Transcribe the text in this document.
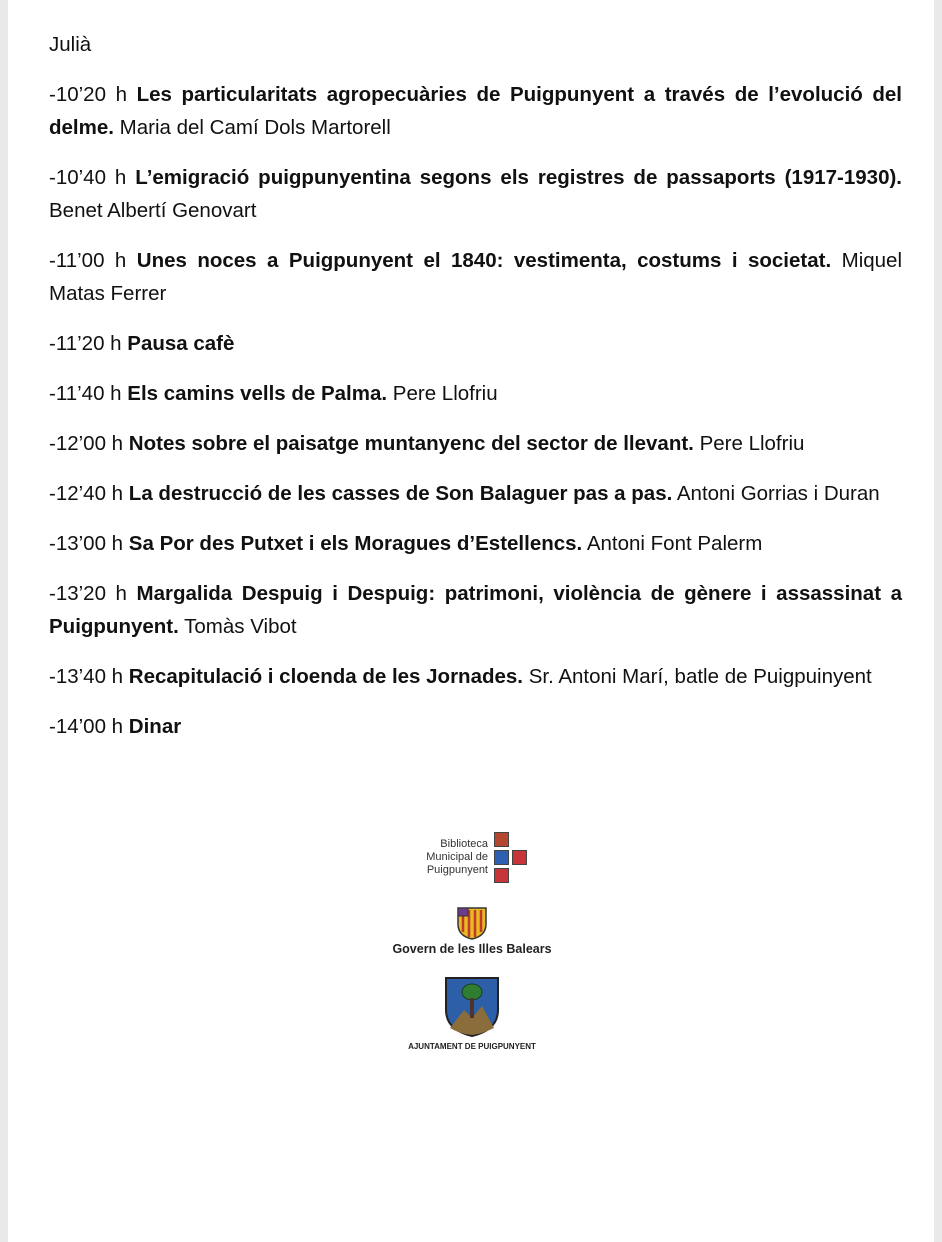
Julià

-10’20 h Les particularitats agropecuàries de Puigpunyent a través de l’evolució del delme. Maria del Camí Dols Martorell

-10’40 h L’emigració puigpunyentina segons els registres de passaports (1917-1930). Benet Albertí Genovart

-11’00 h Unes noces a Puigpunyent el 1840: vestimenta, costums i societat. Miquel Matas Ferrer

-11’20 h Pausa cafè

-11’40 h Els camins vells de Palma. Pere Llofriu

-12’00 h Notes sobre el paisatge muntanyenc del sector de llevant. Pere Llofriu

-12’40 h La destrucció de les casses de Son Balaguer pas a pas. Antoni Gorrias i Duran

-13’00 h Sa Por des Putxet i els Moragues d’Estellencs. Antoni Font Palerm

-13’20 h Margalida Despuig i Despuig: patrimoni, violència de gènere i assassinat a Puigpunyent. Tomàs Vibot

-13’40 h Recapitulació i cloenda de les Jornades. Sr. Antoni Marí, batle de Puigpuinyent

-14’00 h Dinar

Biblioteca
Municipal de
Puigpunyent
Govern de les Illes Balears
AJUNTAMENT DE PUIGPUNYENT
